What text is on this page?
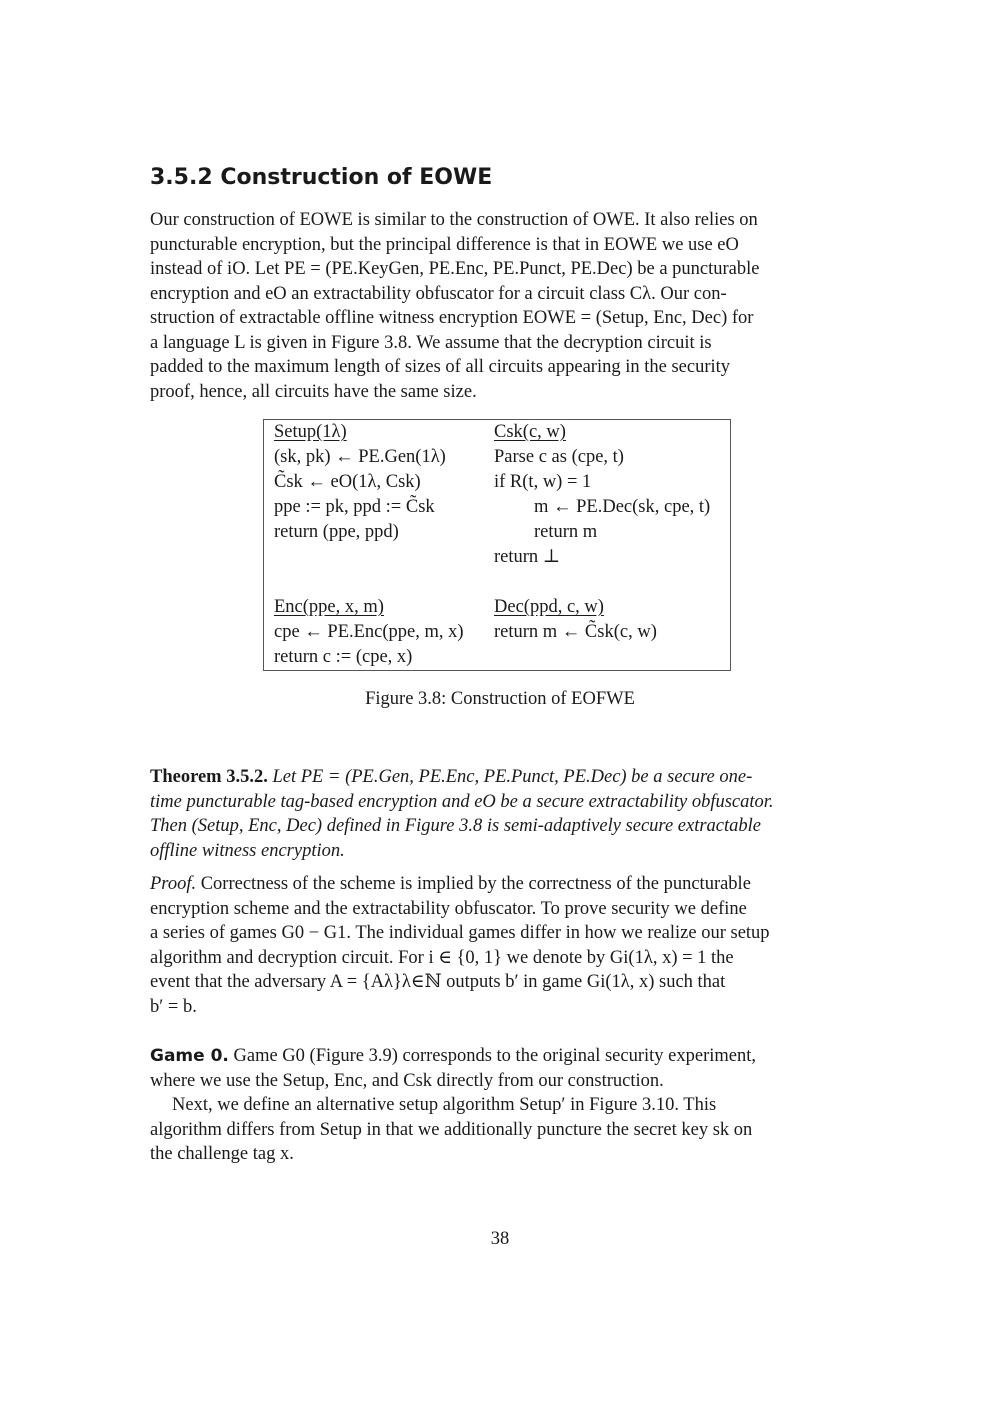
3.5.2 Construction of EOWE
Our construction of EOWE is similar to the construction of OWE. It also relies on
puncturable encryption, but the principal difference is that in EOWE we use eO
instead of iO. Let PE = (PE.KeyGen, PE.Enc, PE.Punct, PE.Dec) be a puncturable
encryption and eO an extractability obfuscator for a circuit class Cλ. Our con-
struction of extractable offline witness encryption EOWE = (Setup, Enc, Dec) for
a language L is given in Figure 3.8. We assume that the decryption circuit is
padded to the maximum length of sizes of all circuits appearing in the security
proof, hence, all circuits have the same size.
Setup(1λ)
(sk, pk) ← PE.Gen(1λ)
C̃sk ← eO(1λ, Csk)
ppe := pk, ppd := C̃sk
return (ppe, ppd)
Enc(ppe, x, m)
cpe ← PE.Enc(ppe, m, x)
return c := (cpe, x)
Csk(c, w)
Parse c as (cpe, t)
if R(t, w) = 1
m ← PE.Dec(sk, cpe, t)
return m
return ⊥
Dec(ppd, c, w)
return m ← C̃sk(c, w)
Figure 3.8: Construction of EOFWE
Theorem 3.5.2. Let PE = (PE.Gen, PE.Enc, PE.Punct, PE.Dec) be a secure one-
time puncturable tag-based encryption and eO be a secure extractability obfuscator.
Then (Setup, Enc, Dec) defined in Figure 3.8 is semi-adaptively secure extractable
offline witness encryption.
Proof. Correctness of the scheme is implied by the correctness of the puncturable
encryption scheme and the extractability obfuscator. To prove security we define
a series of games G0 − G1. The individual games differ in how we realize our setup
algorithm and decryption circuit. For i ∈ {0, 1} we denote by Gi(1λ, x) = 1 the
event that the adversary A = {Aλ}λ∈ℕ outputs b′ in game Gi(1λ, x) such that
b′ = b.
Game 0. Game G0 (Figure 3.9) corresponds to the original security experiment,
where we use the Setup, Enc, and Csk directly from our construction.
Next, we define an alternative setup algorithm Setup′ in Figure 3.10. This
algorithm differs from Setup in that we additionally puncture the secret key sk on
the challenge tag x.
38
